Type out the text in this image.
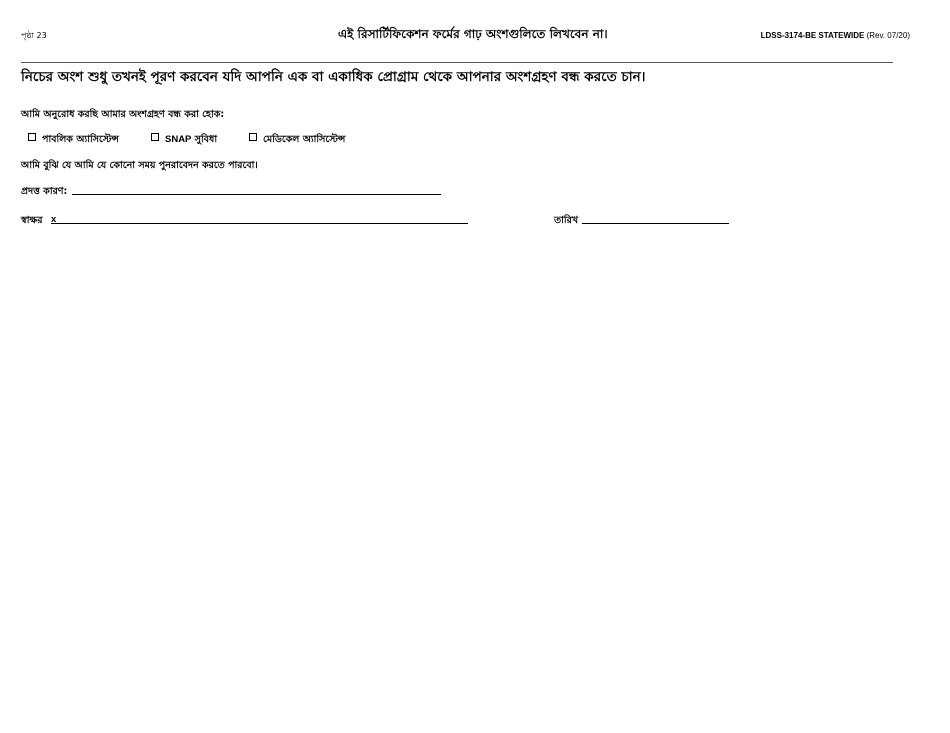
পৃষ্ঠা 23	এই রিসার্টিফিকেশন ফর্মের গাঢ় অংশগুলিতে লিখবেন না।	LDSS-3174-BE STATEWIDE (Rev. 07/20)
নিচের অংশ শুধু তখনই পূরণ করবেন যদি আপনি এক বা একাধিক প্রোগ্রাম থেকে আপনার অংশগ্রহণ বন্ধ করতে চান।
আমি অনুরোধ করছি আমার অংশগ্রহণ বন্ধ করা হোক:
পাবলিক অ্যাসিস্টেন্স	SNAP সুবিধা	মেডিকেল অ্যাসিস্টেন্স
আমি বুঝি যে আমি যে কোনো সময় পুনরাবেদন করতে পারবো।
প্রদত্ত কারণ:
স্বাক্ষর x	তারিখ
